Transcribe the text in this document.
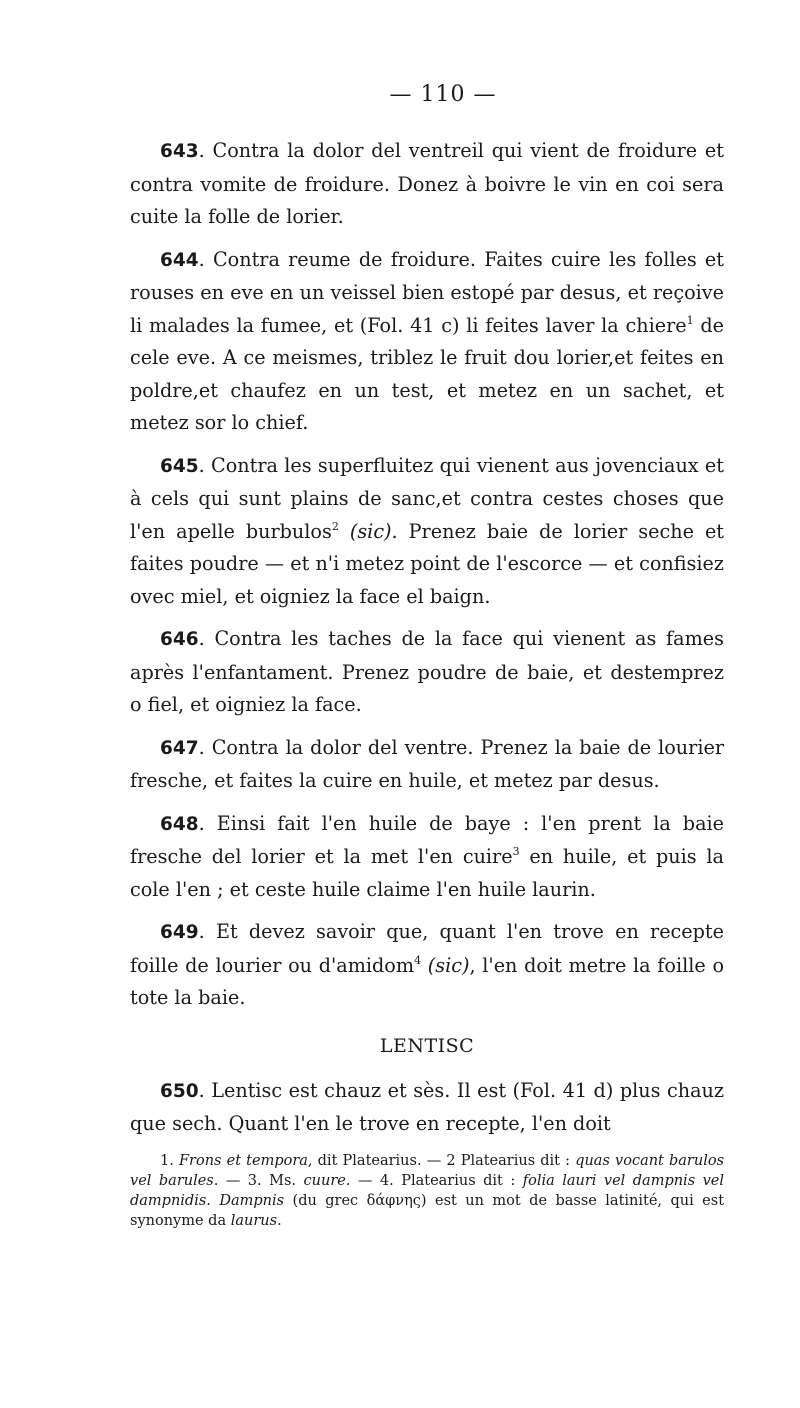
— 110 —

643. Contra la dolor del ventreil qui vient de froidure et contra vomite de froidure. Donez à boivre le vin en coi sera cuite la folle de lorier.

644. Contra reume de froidure. Faites cuire les folles et rouses en eve en un veissel bien estopé par desus, et reçoive li malades la fumee, et (Fol. 41 c) li feites laver la chiere$^1$ de cele eve. A ce meismes, triblez le fruit dou lorier,et feites en poldre,et chaufez en un test, et metez en un sachet, et metez sor lo chief.

645. Contra les superfluitez qui vienent aus jovenciaux et à cels qui sunt plains de sanc,et contra cestes choses que l'en apelle burbulos$^2$ (sic). Prenez baie de lorier seche et faites poudre — et n'i metez point de l'escorce — et confisiez ovec miel, et oigniez la face el baign.

646. Contra les taches de la face qui vienent as fames après l'enfantament. Prenez poudre de baie, et destemprez o fiel, et oigniez la face.

647. Contra la dolor del ventre. Prenez la baie de lourier fresche, et faites la cuire en huile, et metez par desus.

648. Einsi fait l'en huile de baye : l'en prent la baie fresche del lorier et la met l'en cuire$^3$ en huile, et puis la cole l'en ; et ceste huile claime l'en huile laurin.

649. Et devez savoir que, quant l'en trove en recepte foille de lourier ou d'amidom$^4$ (sic), l'en doit metre la foille o tote la baie.

LENTISC

650. Lentisc est chauz et sès. Il est (Fol. 41 d) plus chauz que sech. Quant l'en le trove en recepte, l'en doit

1. Frons et tempora, dit Platearius. — 2 Platearius dit : quas vocant barulos vel barules. — 3. Ms. cuure. — 4. Platearius dit : folia lauri vel dampnis vel dampnidis. Dampnis (du grec δάφνης) est un mot de basse latinité, qui est synonyme da laurus.
